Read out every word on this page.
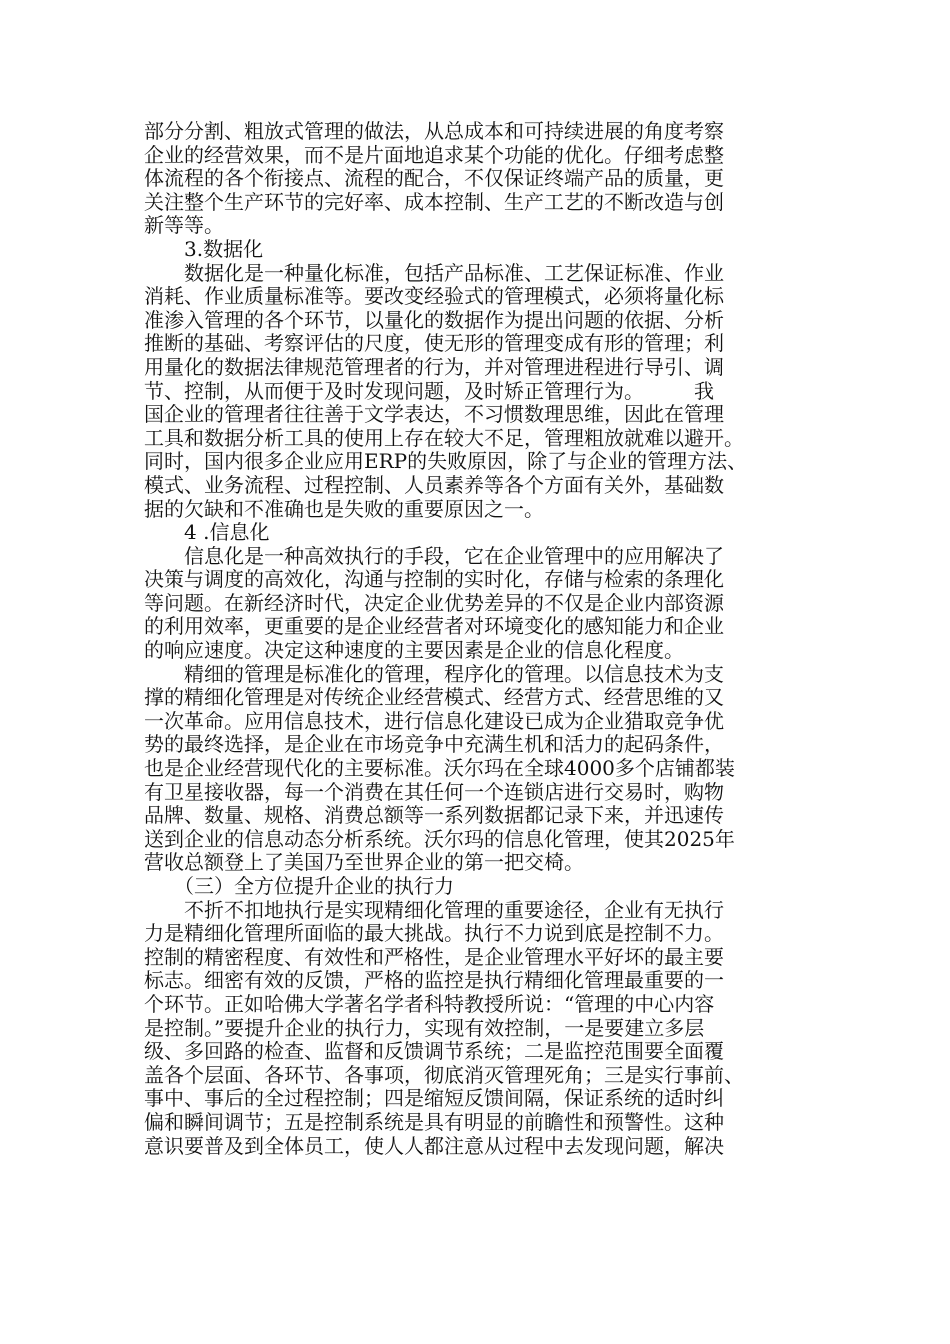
部分分割、粗放式管理的做法，从总成本和可持续进展的角度考察
企业的经营效果，而不是片面地追求某个功能的优化。仔细考虑整
体流程的各个衔接点、流程的配合，不仅保证终端产品的质量，更
关注整个生产环节的完好率、成本控制、生产工艺的不断改造与创
新等等。
　　3.数据化
　　数据化是一种量化标准，包括产品标准、工艺保证标准、作业
消耗、作业质量标准等。要改变经验式的管理模式，必须将量化标
准渗入管理的各个环节，以量化的数据作为提出问题的依据、分析
推断的基础、考察评估的尺度，使无形的管理变成有形的管理；利
用量化的数据法律规范管理者的行为，并对管理进程进行导引、调
节、控制，从而便于及时发现问题，及时矫正管理行为。　　　我
国企业的管理者往往善于文学表达，不习惯数理思维，因此在管理
工具和数据分析工具的使用上存在较大不足，管理粗放就难以避开。
同时，国内很多企业应用ERP的失败原因，除了与企业的管理方法、
模式、业务流程、过程控制、人员素养等各个方面有关外，基础数
据的欠缺和不准确也是失败的重要原因之一。
　　4 .信息化
　　信息化是一种高效执行的手段，它在企业管理中的应用解决了
决策与调度的高效化，沟通与控制的实时化，存储与检索的条理化
等问题。在新经济时代，决定企业优势差异的不仅是企业内部资源
的利用效率，更重要的是企业经营者对环境变化的感知能力和企业
的响应速度。决定这种速度的主要因素是企业的信息化程度。
　　精细的管理是标准化的管理，程序化的管理。以信息技术为支
撑的精细化管理是对传统企业经营模式、经营方式、经营思维的又
一次革命。应用信息技术，进行信息化建设已成为企业猎取竞争优
势的最终选择，是企业在市场竞争中充满生机和活力的起码条件，
也是企业经营现代化的主要标准。沃尔玛在全球4000多个店铺都装
有卫星接收器，每一个消费在其任何一个连锁店进行交易时，购物
品牌、数量、规格、消费总额等一系列数据都记录下来，并迅速传
送到企业的信息动态分析系统。沃尔玛的信息化管理，使其2025年
营收总额登上了美国乃至世界企业的第一把交椅。
　　（三）全方位提升企业的执行力
　　不折不扣地执行是实现精细化管理的重要途径，企业有无执行
力是精细化管理所面临的最大挑战。执行不力说到底是控制不力。
控制的精密程度、有效性和严格性，是企业管理水平好坏的最主要
标志。细密有效的反馈，严格的监控是执行精细化管理最重要的一
个环节。正如哈佛大学著名学者科特教授所说：“管理的中心内容
是控制。”要提升企业的执行力，实现有效控制，一是要建立多层
级、多回路的检查、监督和反馈调节系统；二是监控范围要全面覆
盖各个层面、各环节、各事项，彻底消灭管理死角；三是实行事前、
事中、事后的全过程控制；四是缩短反馈间隔，保证系统的适时纠
偏和瞬间调节；五是控制系统是具有明显的前瞻性和预警性。这种
意识要普及到全体员工，使人人都注意从过程中去发现问题，解决
